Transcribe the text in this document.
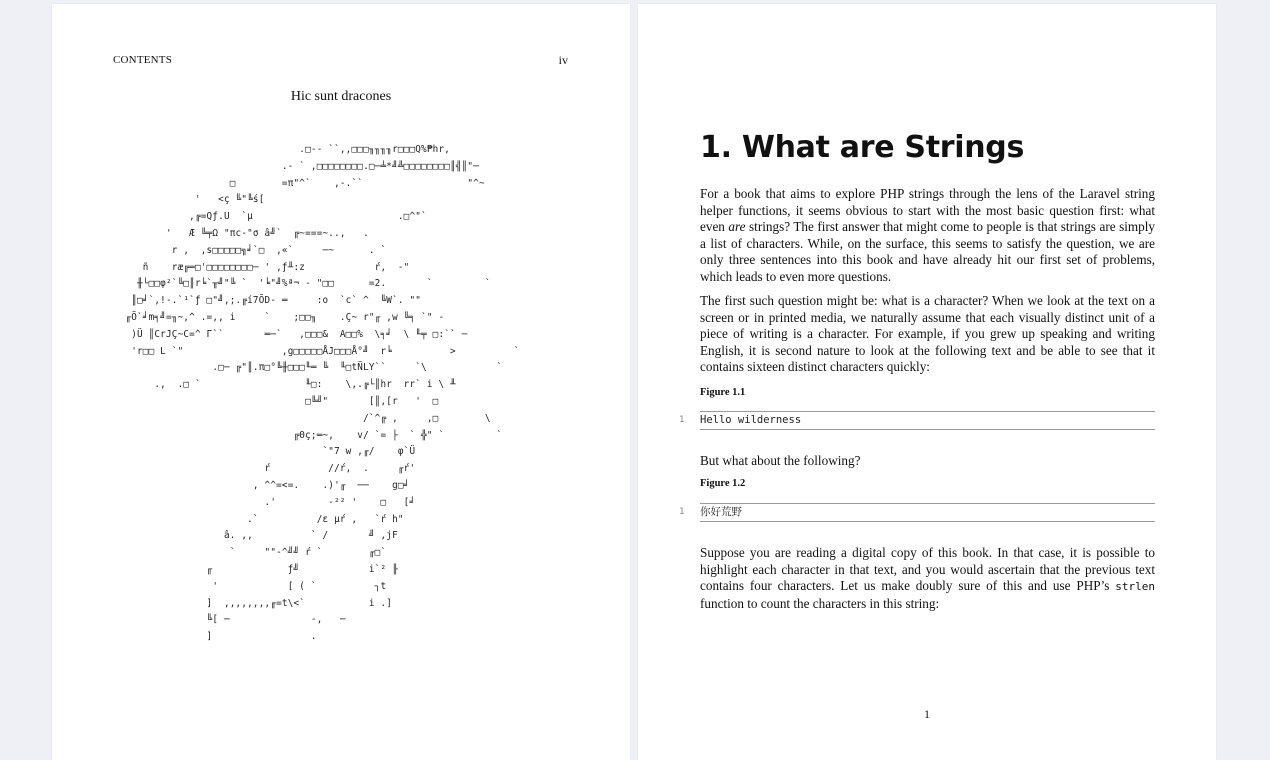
CONTENTS	iv
Hic sunt dracones
.□-- ``,,□□□╖╖╖╖r□□□Q%₱hr,
.- ` ,□□□□□□□□.□─╧*╝╩□□□□□□□□║╣║"─
□        =π"^`    ,-.``                  "^~
'   <ç ╚"╚ś[
,╔=Qƒ.U  `µ                         .□^"`
'   Æ ╚╤Ω "πc-"σ â╝`  ╔~===~..,   .
r ,  ,s□□□□□╗╛`□  ,«`     ─~      . `
ñ    ræ╔═□'□□□□□□□□─ ' ,ƒ╨:z            ŕ,  -"
╫└□□φ²`╚□║r╘`╥╝"╚ `  '╘"╝%ª¬ - "□□      =2.       `         `
║□╛`,!-.`¹`ƒ □"╝,;.╔í7ÕD- ═     :o  `c` ^  ╚W`. ""
╓Õ`╛m╕╝=╖~,^ .=,, i     `    ;□□╖    .Ç~ r"╓ ,w ╚╕ `" -
)Ü ║CrJÇ~C=^ Γ``       ═─`   ,□□□&  A□□%  \╕╛  \ ╙╤ □:`` ─
'r□□ L `"                 ,g□□□□□ÅJ□□□Å°╝  r╘          >          `
.□─ ╔"║.π□°╚╫□□□╙═ ╚  ╙□tÑLY``     `\            `
.,  .□ `                  ╙□:    \,.╔└║hr  rr` i \ ╨
□╚╝"       [║,[r   '  □
/`^╔ ,     ,□        \
╔Θç;═~,    v/ `= ├  ` ╬" `         `
`"7 w ,╓/    φ`Ü
ŕ          //ŕ,  .     ╓ŕ'
, ^^=<=.    .)'╓  ──    g□╛
.'         -²² '    □   [╛
.`          /ε µŕ ,   `ŕ h"
â. ,,          ` /       ╝ ,jF
`     ""-^╝╝ ŕ `        ╓□`
╓             ƒ╝            i`² ╟
'            [ ( `          ┐t
]  ,,,,,,,,╓=t\<`           i .]
╚[ ─              -,   ─
]                 .
1. What are Strings

For a book that aims to explore PHP strings through the lens of the Laravel string helper functions, it seems obvious to start with the most basic question first: what even are strings? The first answer that might come to people is that strings are simply a list of characters. While, on the surface, this seems to satisfy the question, we are only three sentences into this book and have already hit our first set of problems, which leads to even more questions.

The first such question might be: what is a character? When we look at the text on a screen or in printed media, we naturally assume that each visually distinct unit of a piece of writing is a character. For example, if you grew up speaking and writing English, it is second nature to look at the following text and be able to see that it contains sixteen distinct characters quickly:

Figure 1.1
1 Hello wilderness

But what about the following?

Figure 1.2
1 你好荒野

Suppose you are reading a digital copy of this book. In that case, it is possible to highlight each character in that text, and you would ascertain that the previous text contains four characters. Let us make doubly sure of this and use PHP’s strlen function to count the characters in this string:

1
